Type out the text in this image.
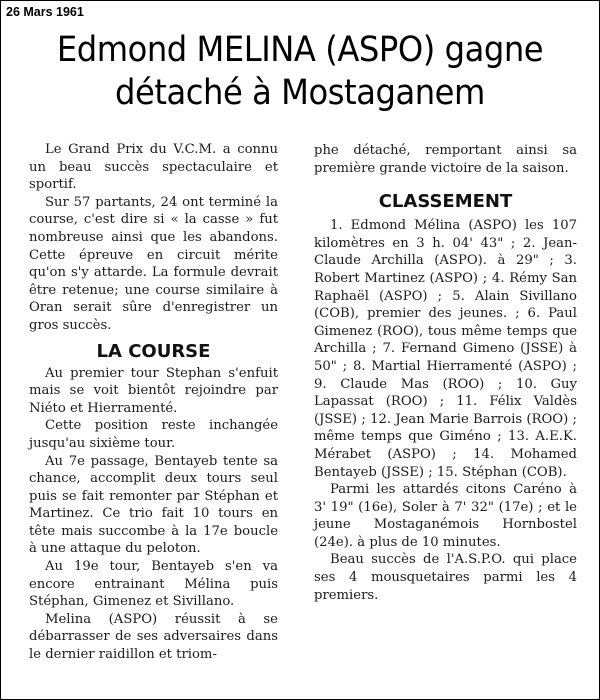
26 Mars 1961
Edmond MELINA (ASPO) gagne
détaché à Mostaganem

Le Grand Prix du V.C.M. a connu un beau succès spectaculaire et sportif.

Sur 57 partants, 24 ont terminé la course, c'est dire si « la casse » fut nombreuse ainsi que les abandons. Cette épreuve en circuit mérite qu'on s'y attarde. La formule devrait être retenue; une course similaire à Oran serait sûre d'enregistrer un gros succès.

LA COURSE

Au premier tour Stephan s'enfuit mais se voit bientôt rejoindre par Niéto et Hierramenté.

Cette position reste inchangée jusqu'au sixième tour.

Au 7e passage, Bentayeb tente sa chance, accomplit deux tours seul puis se fait remonter par Stéphan et Martinez. Ce trio fait 10 tours en tête mais succombe à la 17e boucle à une attaque du peloton.

Au 19e tour, Bentayeb s'en va encore entrainant Mélina puis Stéphan, Gimenez et Sivillano.

Melina (ASPO) réussit à se débarrasser de ses adversaires dans le dernier raidillon et triom-

phe détaché, remportant ainsi sa première grande victoire de la saison.

CLASSEMENT

1. Edmond Mélina (ASPO) les 107 kilomètres en 3 h. 04' 43" ; 2. Jean-Claude Archilla (ASPO). à 29" ; 3. Robert Martinez (ASPO) ; 4. Rémy San Raphaël (ASPO) ; 5. Alain Sivillano (COB), premier des jeunes. ; 6. Paul Gimenez (ROO), tous même temps que Archilla ; 7. Fernand Gimeno (JSSE) à 50" ; 8. Martial Hierramenté (ASPO) ; 9. Claude Mas (ROO) ; 10. Guy Lapassat (ROO) ; 11. Félix Valdès (JSSE) ; 12. Jean Marie Barrois (ROO) ; même temps que Giméno ; 13. A.E.K. Mérabet (ASPO) ; 14. Mohamed Bentayeb (JSSE) ; 15. Stéphan (COB).

Parmi les attardés citons Caréno à 3' 19" (16e), Soler à 7' 32" (17e) ; et le jeune Mostaganémois Hornbostel (24e). à plus de 10 minutes.

Beau succès de l'A.S.P.O. qui place ses 4 mousquetaires parmi les 4 premiers.
